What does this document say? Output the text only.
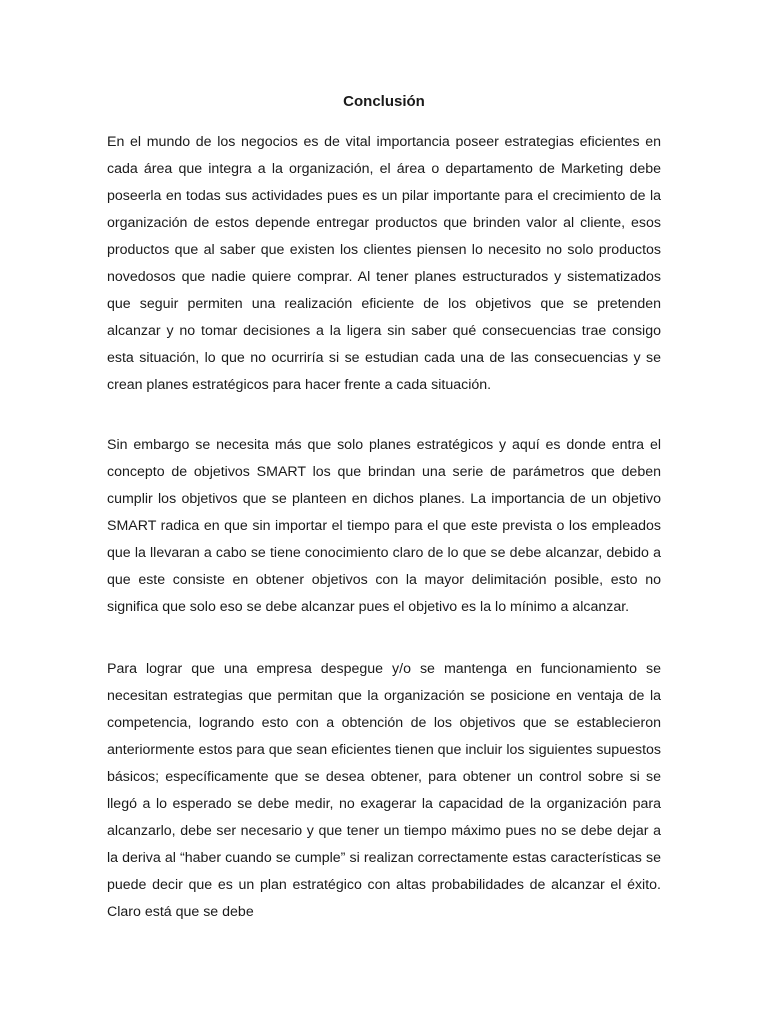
Conclusión

En el mundo de los negocios es de vital importancia poseer estrategias eficientes en cada área que integra a la organización, el área o departamento de Marketing debe poseerla en todas sus actividades pues es un pilar importante para el crecimiento de la organización de estos depende entregar productos que brinden valor al cliente, esos productos que al saber que existen los clientes piensen lo necesito no solo productos novedosos que nadie quiere comprar. Al tener planes estructurados y sistematizados que seguir permiten una realización eficiente de los objetivos que se pretenden alcanzar y no tomar decisiones a la ligera sin saber qué consecuencias trae consigo esta situación, lo que no ocurriría si se estudian cada una de las consecuencias y se crean planes estratégicos para hacer frente a cada situación.

Sin embargo se necesita más que solo planes estratégicos y aquí es donde entra el concepto de objetivos SMART los que brindan una serie de parámetros que deben cumplir los objetivos que se planteen en dichos planes. La importancia de un objetivo SMART radica en que sin importar el tiempo para el que este prevista o los empleados que la llevaran a cabo se tiene conocimiento claro de lo que se debe alcanzar, debido a que este consiste en obtener objetivos con la mayor delimitación posible, esto no significa que solo eso se debe alcanzar pues el objetivo es la lo mínimo a alcanzar.

Para lograr que una empresa despegue y/o se mantenga en funcionamiento se necesitan estrategias que permitan que la organización se posicione en ventaja de la competencia, logrando esto con a obtención de los objetivos que se establecieron anteriormente estos para que sean eficientes tienen que incluir los siguientes supuestos básicos; específicamente que se desea obtener, para obtener un control sobre si se llegó a lo esperado se debe medir, no exagerar la capacidad de la organización para alcanzarlo, debe ser necesario y que tener un tiempo máximo pues no se debe dejar a la deriva al “haber cuando se cumple” si realizan correctamente estas características se puede decir que es un plan estratégico con altas probabilidades de alcanzar el éxito. Claro está que se debe
